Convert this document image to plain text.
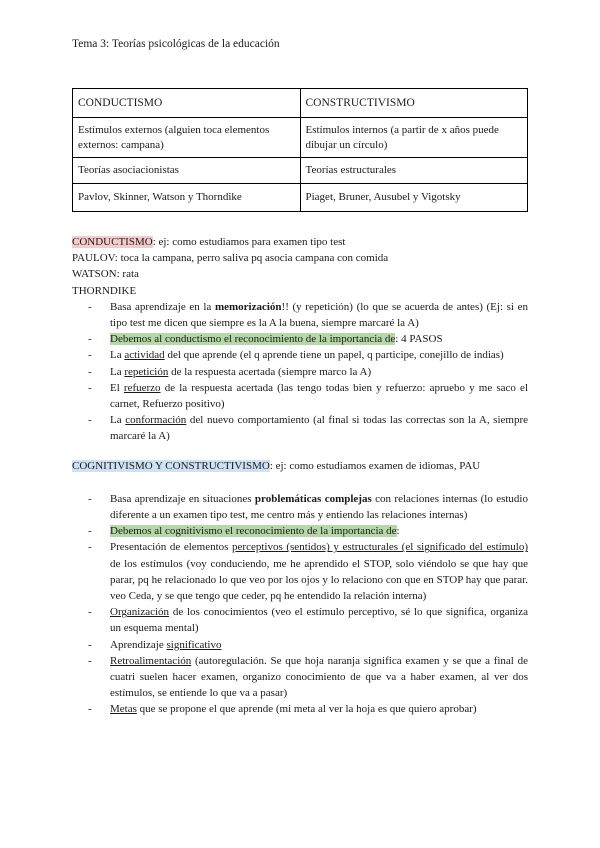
Tema 3: Teorías psicológicas de la educación
CONDUCTISMO	CONSTRUCTIVISMO
Estímulos externos (alguien toca elementos externos: campana)	Estímulos internos (a partir de x años puede dibujar un círculo)
Teorías asociacionistas	Teorías estructurales
Pavlov, Skinner, Watson y Thorndike	Piaget, Bruner, Ausubel y Vigotsky

CONDUCTISMO: ej: como estudiamos para examen tipo test

PAULOV: toca la campana, perro saliva pq asocia campana con comida

WATSON: rata

THORNDIKE

- Basa aprendizaje en la memorización!! (y repetición) (lo que se acuerda de antes) (Ej: si en tipo test me dicen que siempre es la A la buena, siempre marcaré la A)
- Debemos al conductismo el reconocimiento de la importancia de: 4 PASOS
- La actividad del que aprende (el q aprende tiene un papel, q participe, conejillo de indias)
- La repetición de la respuesta acertada (siempre marco la A)
- El refuerzo de la respuesta acertada (las tengo todas bien y refuerzo: apruebo y me saco el carnet, Refuerzo positivo)
- La conformación del nuevo comportamiento (al final si todas las correctas son la A, siempre marcaré la A)

COGNITIVISMO Y CONSTRUCTIVISMO: ej: como estudiamos examen de idiomas, PAU

- Basa aprendizaje en situaciones problemáticas complejas con relaciones internas (lo estudio diferente a un examen tipo test, me centro más y entiendo las relaciones internas)
- Debemos al cognitivismo el reconocimiento de la importancia de:
- Presentación de elementos perceptivos (sentidos) y estructurales (el significado del estímulo) de los estímulos (voy conduciendo, me he aprendido el STOP, solo viéndolo se que hay que parar, pq he relacionado lo que veo por los ojos y lo relaciono con que en STOP hay que parar. veo Ceda, y se que tengo que ceder, pq he entendido la relación interna)
- Organización de los conocimientos (veo el estímulo perceptivo, sé lo que significa, organiza un esquema mental)
- Aprendizaje significativo
- Retroalimentación (autoregulación. Se que hoja naranja significa examen y se que a final de cuatri suelen hacer examen, organizo conocimiento de que va a haber examen, al ver dos estímulos, se entiende lo que va a pasar)
- Metas que se propone el que aprende (mi meta al ver la hoja es que quiero aprobar)
